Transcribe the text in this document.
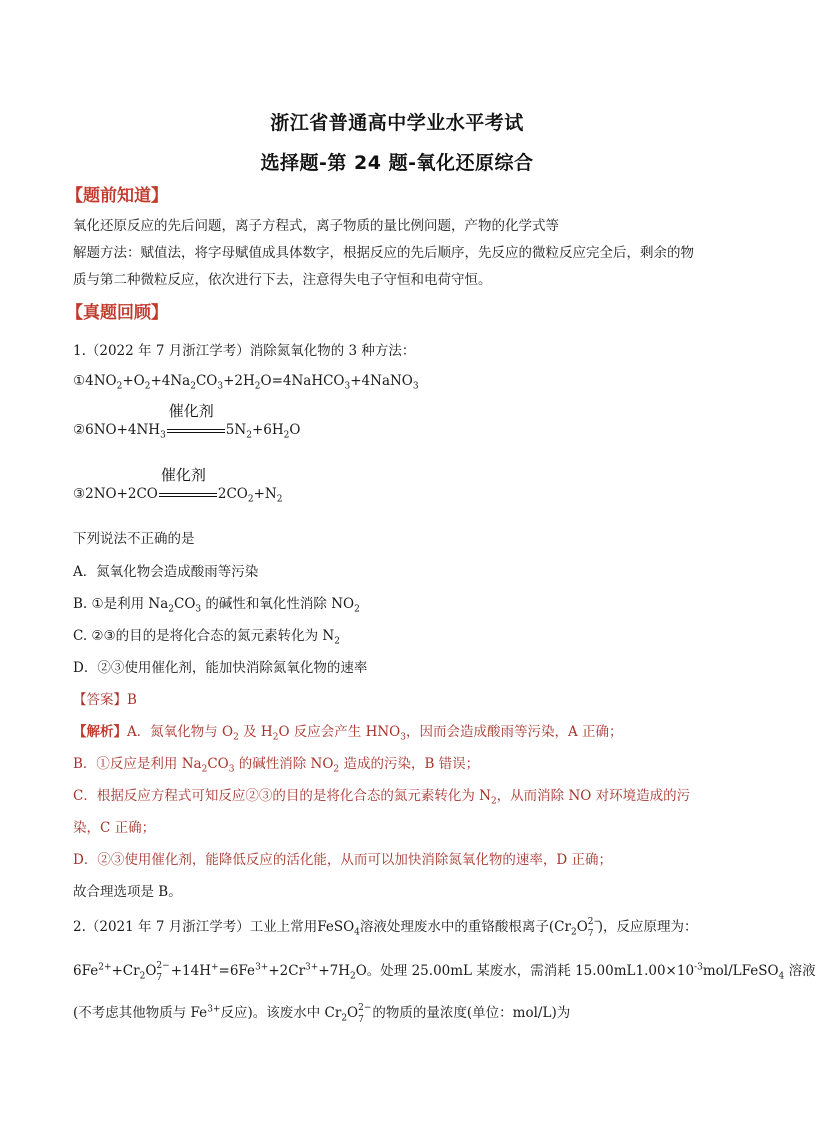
浙江省普通高中学业水平考试
选择题-第 24 题-氧化还原综合
【题前知道】
氧化还原反应的先后问题，离子方程式，离子物质的量比例问题，产物的化学式等
解题方法：赋值法，将字母赋值成具体数字，根据反应的先后顺序，先反应的微粒反应完全后，剩余的物
质与第二种微粒反应，依次进行下去，注意得失电子守恒和电荷守恒。
【真题回顾】
1.（2022 年 7 月浙江学考）消除氮氧化物的 3 种方法：
$①4NO_2+O_2+4Na_2CO_3+2H_2O=4NaHCO_3+4NaNO_3$
$②6NO+4NH_3$
催化剂
$5N_2+6H_2O$
③2NO+2CO
催化剂
$2CO_2+N_2$
下列说法不正确的是
A．氮氧化物会造成酸雨等污染
B. ①是利用 $Na_2CO_3$ 的碱性和氧化性消除 $NO_2$
C. ②③的目的是将化合态的氮元素转化为 $N_2$
D．②③使用催化剂，能加快消除氮氧化物的速率
【答案】B
【解析】A．氮氧化物与 $O_2$ 及 $H_2O$ 反应会产生 $HNO_3$，因而会造成酸雨等污染，A 正确；
B．①反应是利用 $Na_2CO_3$ 的碱性消除 $NO_2$ 造成的污染，B 错误；
C．根据反应方程式可知反应②③的目的是将化合态的氮元素转化为 $N_2$，从而消除 NO 对环境造成的污
染，C 正确；
D．②③使用催化剂，能降低反应的活化能，从而可以加快消除氮氧化物的速率，D 正确；
故合理选项是 B。
2.（2021 年 7 月浙江学考）工业上常用FeSO$_4$溶液处理废水中的重铬酸根离子($Cr_2O$ 2−
7 )，反应原理为：
$6Fe^{2+}+Cr_2O$ 2−
$7 +14H^+=6Fe^{3+}+2Cr^{3+}+7H_2O$。处理 25.00mL 某废水，需消耗 $15.00mL1.00\times 10^{-3}mol/LFeSO_4$ 溶液
(不考虑其他物质与 $Fe^{3+}$反应)。该废水中 $Cr_2O$ 2−
7 的物质的量浓度(单位：mol/L)为
